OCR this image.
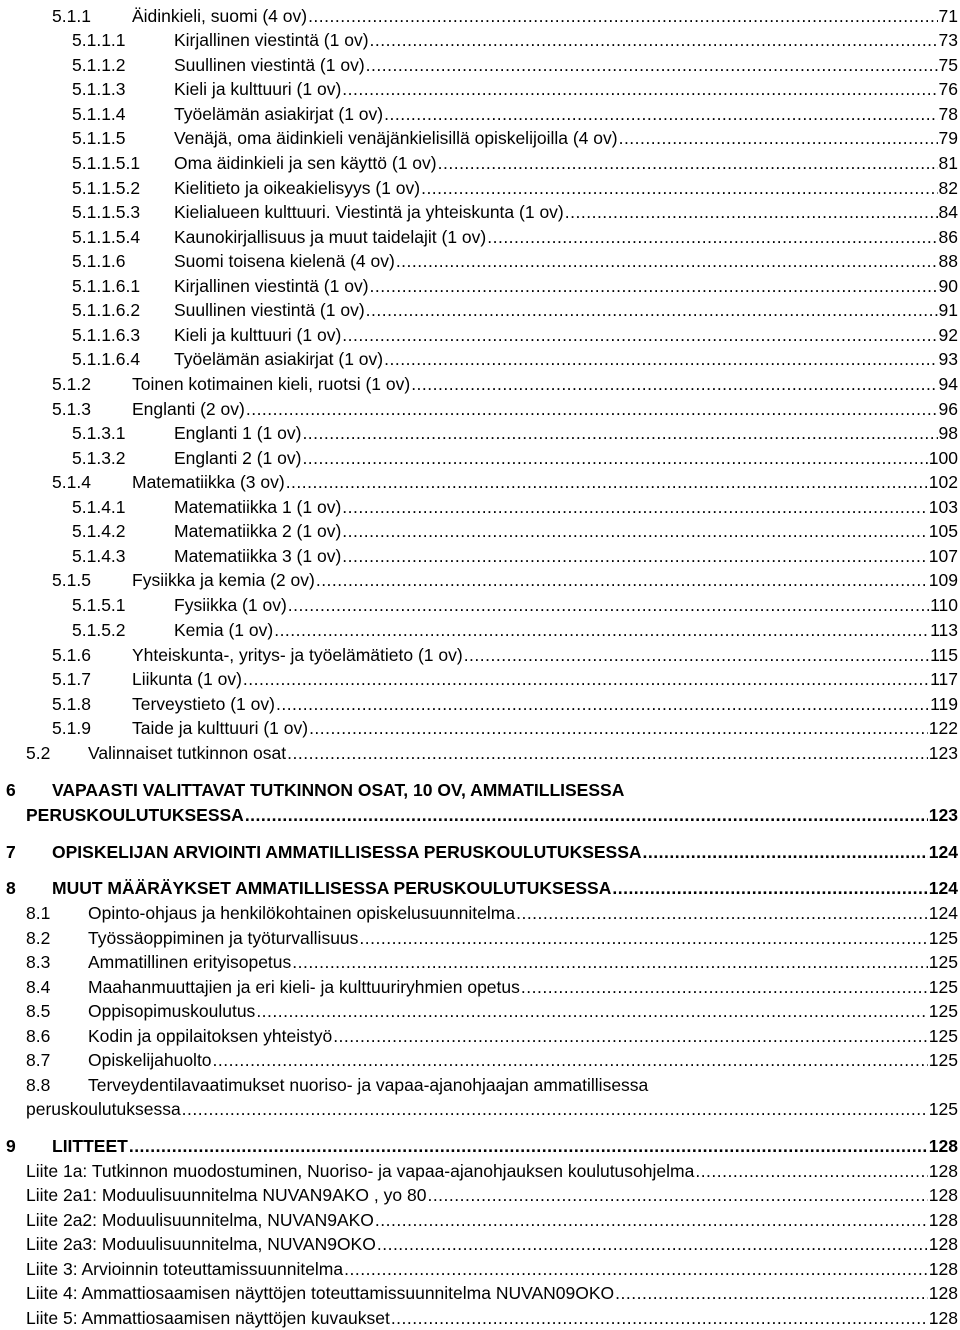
5.1.1 Äidinkieli, suomi (4 ov) .....	71
5.1.1.1	Kirjallinen viestintä (1 ov) .....	73
5.1.1.2	Suullinen viestintä (1 ov) .....	75
5.1.1.3	Kieli ja kulttuuri (1 ov) .....	76
5.1.1.4	Työelämän asiakirjat (1 ov) .....	78
5.1.1.5	Venäjä, oma äidinkieli venäjänkielisillä opiskelijoilla (4 ov) .....	79
5.1.1.5.1 Oma äidinkieli ja sen käyttö (1 ov) .....	81
5.1.1.5.2 Kielitieto ja oikeakielisyys (1 ov) .....	82
5.1.1.5.3 Kielialueen kulttuuri. Viestintä ja yhteiskunta (1 ov) .....	84
5.1.1.5.4 Kaunokirjallisuus ja muut taidelajit (1 ov) .....	86
5.1.1.6	Suomi toisena kielenä (4 ov) .....	88
5.1.1.6.1 Kirjallinen viestintä (1 ov) .....	90
5.1.1.6.2 Suullinen viestintä (1 ov) .....	91
5.1.1.6.3 Kieli ja kulttuuri (1 ov) .....	92
5.1.1.6.4 Työelämän asiakirjat (1 ov) .....	93
5.1.2 Toinen kotimainen kieli, ruotsi (1 ov) .....	94
5.1.3 Englanti (2 ov) .....	96
5.1.3.1	Englanti 1 (1 ov) .....	98
5.1.3.2	Englanti 2 (1 ov) .....	100
5.1.4 Matematiikka (3 ov) .....	102
5.1.4.1	Matematiikka 1 (1 ov) .....	103
5.1.4.2	Matematiikka 2 (1 ov) .....	105
5.1.4.3	Matematiikka 3 (1 ov) .....	107
5.1.5 Fysiikka ja kemia (2 ov) .....	109
5.1.5.1	Fysiikka (1 ov) .....	110
5.1.5.2	Kemia (1 ov) .....	113
5.1.6 Yhteiskunta-, yritys- ja työelämätieto (1 ov) .....	115
5.1.7 Liikunta (1 ov) .....	117
5.1.8 Terveystieto (1 ov) .....	119
5.1.9 Taide ja kulttuuri (1 ov) .....	122
5.2 Valinnaiset tutkinnon osat .....	123
6 VAPAASTI VALITTAVAT TUTKINNON OSAT, 10 OV, AMMATILLISESSA
PERUSKOULUTUKSESSA .....	123
7 OPISKELIJAN ARVIOINTI AMMATILLISESSA PERUSKOULUTUKSESSA .....	124
8 MUUT MÄÄRÄYKSET AMMATILLISESSA PERUSKOULUTUKSESSA .....	124
8.1 Opinto-ohjaus ja henkilökohtainen opiskelusuunnitelma .....	124
8.2 Työssäoppiminen ja työturvallisuus .....	125
8.3 Ammatillinen erityisopetus .....	125
8.4 Maahanmuuttajien ja eri kieli- ja kulttuuriryhmien opetus .....	125
8.5 Oppisopimuskoulutus .....	125
8.6 Kodin ja oppilaitoksen yhteistyö .....	125
8.7 Opiskelijahuolto .....	125
8.8 Terveydentilavaatimukset nuoriso- ja vapaa-ajanohjaajan ammatillisessa
peruskoulutuksessa .....	125
9 LIITTEET .....	128
Liite 1a: Tutkinnon muodostuminen, Nuoriso- ja vapaa-ajanohjauksen koulutusohjelma .....	128
Liite 2a1: Moduulisuunnitelma NUVAN9AKO , yo 80 .....	128
Liite 2a2: Moduulisuunnitelma, NUVAN9AKO .....	128
Liite 2a3: Moduulisuunnitelma, NUVAN9OKO .....	128
Liite 3: Arvioinnin toteuttamissuunnitelma .....	128
Liite 4: Ammattiosaamisen näyttöjen toteuttamissuunnitelma NUVAN09OKO .....	128
Liite 5: Ammattiosaamisen näyttöjen kuvaukset .....	128
